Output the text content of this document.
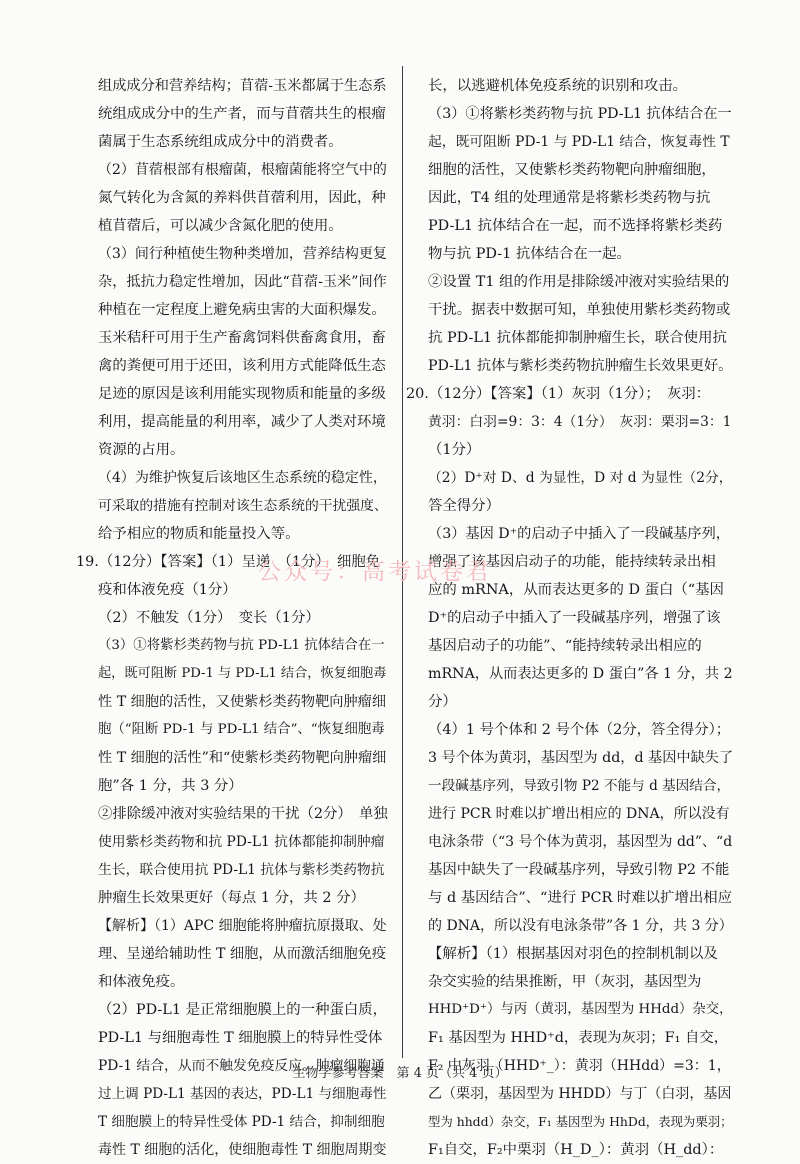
组成成分和营养结构；苜蓿-玉米都属于生态系
统组成成分中的生产者，而与苜蓿共生的根瘤
菌属于生态系统组成成分中的消费者。
（2）苜蓿根部有根瘤菌，根瘤菌能将空气中的
氮气转化为含氮的养料供苜蓿利用，因此，种
植苜蓿后，可以减少含氮化肥的使用。
（3）间行种植使生物种类增加，营养结构更复
杂，抵抗力稳定性增加，因此“苜蓿-玉米”间作
种植在一定程度上避免病虫害的大面积爆发。
玉米秸秆可用于生产畜禽饲料供畜禽食用，畜
禽的粪便可用于还田，该利用方式能降低生态
足迹的原因是该利用能实现物质和能量的多级
利用，提高能量的利用率，减少了人类对环境
资源的占用。
（4）为维护恢复后该地区生态系统的稳定性，
可采取的措施有控制对该生态系统的干扰强度、
给予相应的物质和能量投入等。
19.（12分）【答案】（1）呈递　（1分）　细胞免
疫和体液免疫（1分）
（2）不触发（1分）　变长（1分）
（3）①将紫杉类药物与抗 PD-L1 抗体结合在一
起，既可阻断 PD-1 与 PD-L1 结合，恢复细胞毒
性 T 细胞的活性，又使紫杉类药物靶向肿瘤细
胞（“阻断 PD-1 与 PD-L1 结合”、“恢复细胞毒
性 T 细胞的活性”和“使紫杉类药物靶向肿瘤细
胞”各 1 分，共 3 分）
②排除缓冲液对实验结果的干扰（2分）　单独
使用紫杉类药物和抗 PD-L1 抗体都能抑制肿瘤
生长，联合使用抗 PD-L1 抗体与紫杉类药物抗
肿瘤生长效果更好（每点 1 分，共 2 分）
【解析】（1）APC 细胞能将肿瘤抗原摄取、处
理、呈递给辅助性 T 细胞，从而激活细胞免疫
和体液免疫。
（2）PD-L1 是正常细胞膜上的一种蛋白质，
PD-L1 与细胞毒性 T 细胞膜上的特异性受体
PD-1 结合，从而不触发免疫反应。肿瘤细胞通
过上调 PD-L1 基因的表达，PD-L1 与细胞毒性
T 细胞膜上的特异性受体 PD-1 结合，抑制细胞
毒性 T 细胞的活化，使细胞毒性 T 细胞周期变
长，以逃避机体免疫系统的识别和攻击。
（3）①将紫杉类药物与抗 PD-L1 抗体结合在一
起，既可阻断 PD-1 与 PD-L1 结合，恢复毒性 T
细胞的活性，又使紫杉类药物靶向肿瘤细胞，
因此，T4 组的处理通常是将紫杉类药物与抗
PD-L1 抗体结合在一起，而不选择将紫杉类药
物与抗 PD-1 抗体结合在一起。
②设置 T1 组的作用是排除缓冲液对实验结果的
干扰。据表中数据可知，单独使用紫杉类药物或
抗 PD-L1 抗体都能抑制肿瘤生长，联合使用抗
PD-L1 抗体与紫杉类药物抗肿瘤生长效果更好。
20.（12分）【答案】（1）灰羽（1分）；　灰羽：
黄羽：白羽=9：3：4（1分）　灰羽：栗羽=3：1
（1分）
（2）D⁺对 D、d 为显性，D 对 d 为显性（2分，
答全得分）
（3）基因 D⁺的启动子中插入了一段碱基序列，
增强了该基因启动子的功能，能持续转录出相
应的 mRNA，从而表达更多的 D 蛋白（“基因
D⁺的启动子中插入了一段碱基序列，增强了该
基因启动子的功能”、“能持续转录出相应的
mRNA，从而表达更多的 D 蛋白”各 1 分，共 2
分）
（4）1 号个体和 2 号个体（2分，答全得分）；
3 号个体为黄羽，基因型为 dd，d 基因中缺失了
一段碱基序列，导致引物 P2 不能与 d 基因结合，
进行 PCR 时难以扩增出相应的 DNA，所以没有
电泳条带（“3 号个体为黄羽，基因型为 dd”、“d
基因中缺失了一段碱基序列，导致引物 P2 不能
与 d 基因结合”、“进行 PCR 时难以扩增出相应
的 DNA，所以没有电泳条带”各 1 分，共 3 分）
【解析】（1）根据基因对羽色的控制机制以及
杂交实验的结果推断，甲（灰羽，基因型为
HHD⁺D⁺）与丙（黄羽，基因型为 HHdd）杂交，
F₁ 基因型为 HHD⁺d，表现为灰羽；F₁ 自交，
F₂ 中灰羽（HHD⁺_）：黄羽（HHdd）=3：1，
乙（栗羽，基因型为 HHDD）与丁（白羽，基因
型为 hhdd）杂交，F₁ 基因型为 HhDd，表现为栗羽；
F₁自交，F₂中栗羽（H_D_）：黄羽（H_dd）：
公众号：高考试卷君
生物学参考答案　第 4 页（共 4 页）
